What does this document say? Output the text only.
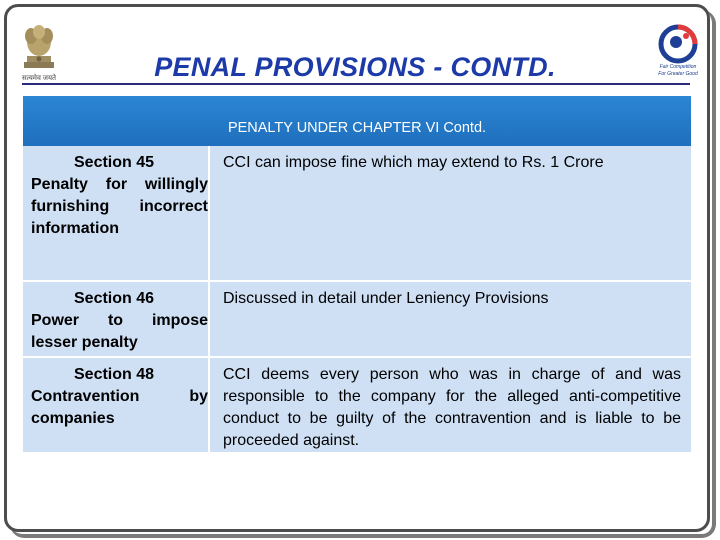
सत्यमेव जयते	PENAL PROVISIONS - CONTD.	Fair Competition
For Greater Good
PENALTY UNDER CHAPTER VI Contd.
Section 45
Penalty for willingly
furnishing incorrect
information
CCI can impose fine which may extend to Rs. 1 Crore
Section 46
Power to impose
lesser penalty
Discussed in detail under Leniency Provisions
Section 48
Contravention by
companies
CCI deems every person who was in charge of and was responsible to the company for the alleged anti-competitive conduct to be guilty of the contravention and is liable to be proceeded against.
